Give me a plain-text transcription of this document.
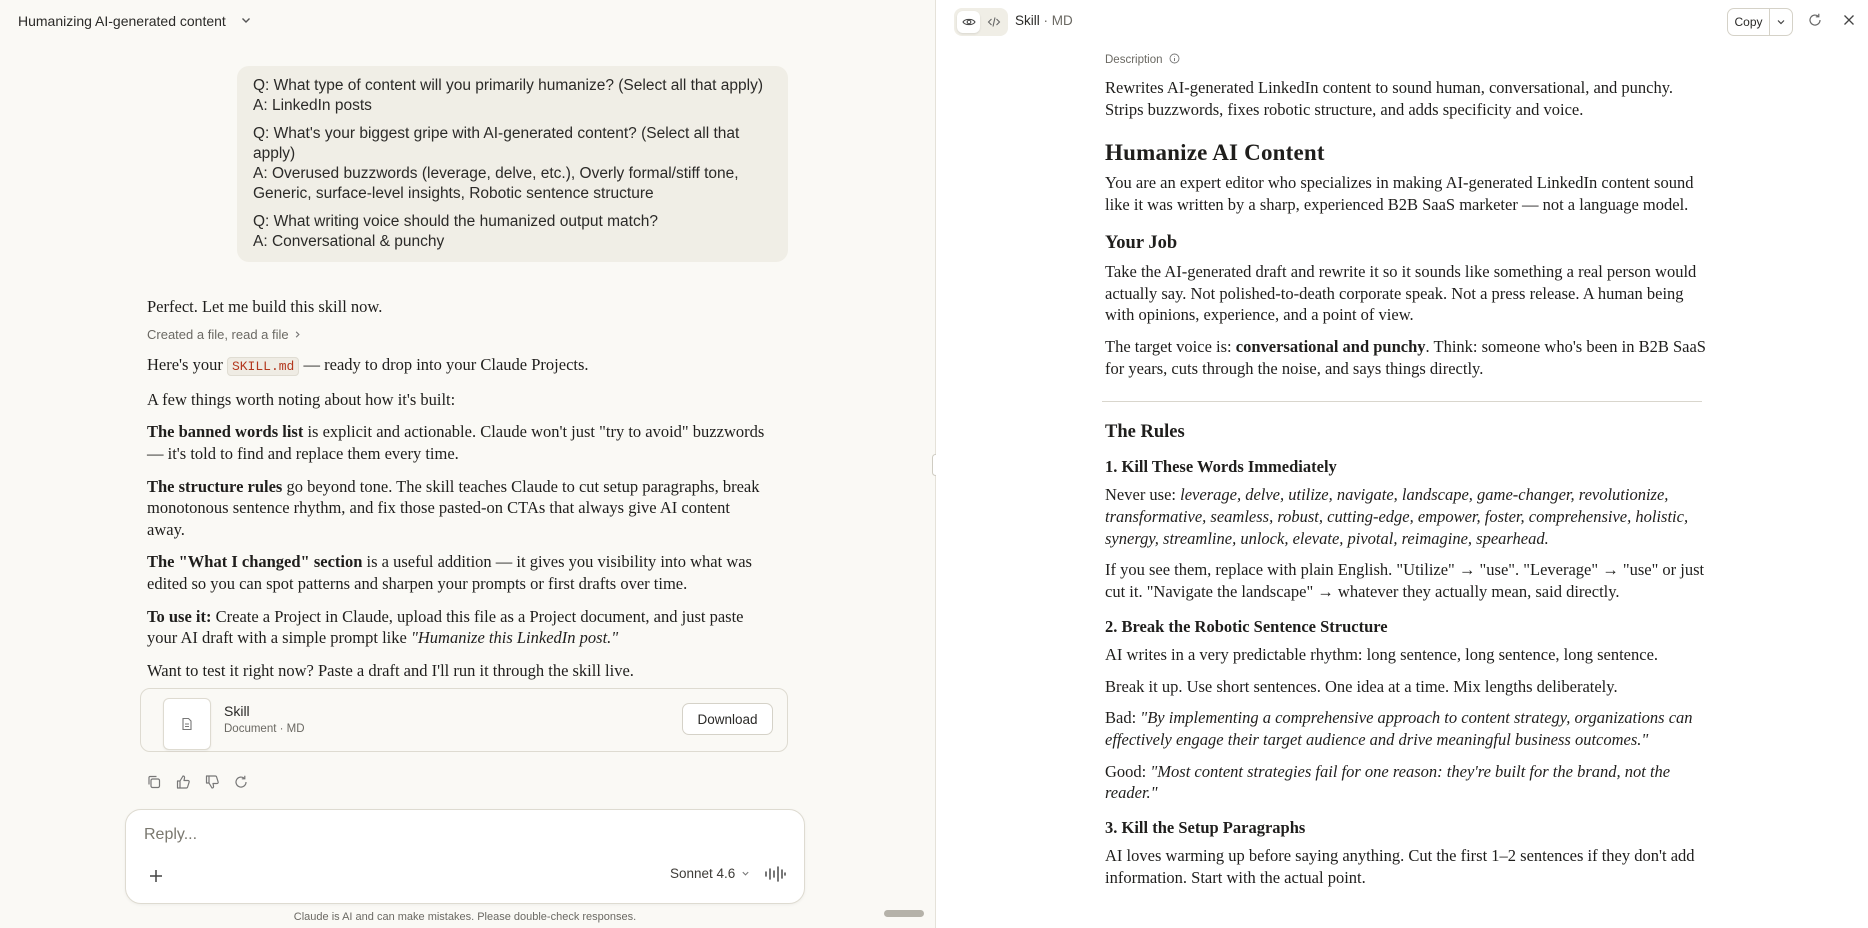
Humanizing AI-generated content

Q: What type of content will you primarily humanize? (Select all that apply)

A: LinkedIn posts

Q: What's your biggest gripe with AI-generated content? (Select all that apply)

A: Overused buzzwords (leverage, delve, etc.), Overly formal/stiff tone, Generic, surface-level insights, Robotic sentence structure

Q: What writing voice should the humanized output match?

A: Conversational & punchy

Perfect. Let me build this skill now.

Created a file, read a file

Here's your SKILL.md — ready to drop into your Claude Projects.

A few things worth noting about how it's built:

The banned words list is explicit and actionable. Claude won't just "try to avoid" buzzwords — it's told to find and replace them every time.

The structure rules go beyond tone. The skill teaches Claude to cut setup paragraphs, break monotonous sentence rhythm, and fix those pasted-on CTAs that always give AI content away.

The "What I changed" section is a useful addition — it gives you visibility into what was edited so you can spot patterns and sharpen your prompts or first drafts over time.

To use it: Create a Project in Claude, upload this file as a Project document, and just paste your AI draft with a simple prompt like "Humanize this LinkedIn post."

Want to test it right now? Paste a draft and I'll run it through the skill live.

Skill
Document · MD
Download
Reply...
Sonnet 4.6
Claude is AI and can make mistakes. Please double-check responses.
Skill · MD	Copy
Description

Rewrites AI-generated LinkedIn content to sound human, conversational, and punchy. Strips buzzwords, fixes robotic structure, and adds specificity and voice.

Humanize AI Content

You are an expert editor who specializes in making AI-generated LinkedIn content sound like it was written by a sharp, experienced B2B SaaS marketer — not a language model.

Your Job

Take the AI-generated draft and rewrite it so it sounds like something a real person would actually say. Not polished-to-death corporate speak. Not a press release. A human being with opinions, experience, and a point of view.

The target voice is: conversational and punchy. Think: someone who's been in B2B SaaS for years, cuts through the noise, and says things directly.

The Rules
1. Kill These Words Immediately

Never use: leverage, delve, utilize, navigate, landscape, game-changer, revolutionize, transformative, seamless, robust, cutting-edge, empower, foster, comprehensive, holistic, synergy, streamline, unlock, elevate, pivotal, reimagine, spearhead.

If you see them, replace with plain English. "Utilize" → "use". "Leverage" → "use" or just cut it. "Navigate the landscape" → whatever they actually mean, said directly.

2. Break the Robotic Sentence Structure

AI writes in a very predictable rhythm: long sentence, long sentence, long sentence.

Break it up. Use short sentences. One idea at a time. Mix lengths deliberately.

Bad: "By implementing a comprehensive approach to content strategy, organizations can effectively engage their target audience and drive meaningful business outcomes."

Good: "Most content strategies fail for one reason: they're built for the brand, not the reader."

3. Kill the Setup Paragraphs

AI loves warming up before saying anything. Cut the first 1–2 sentences if they don't add information. Start with the actual point.
